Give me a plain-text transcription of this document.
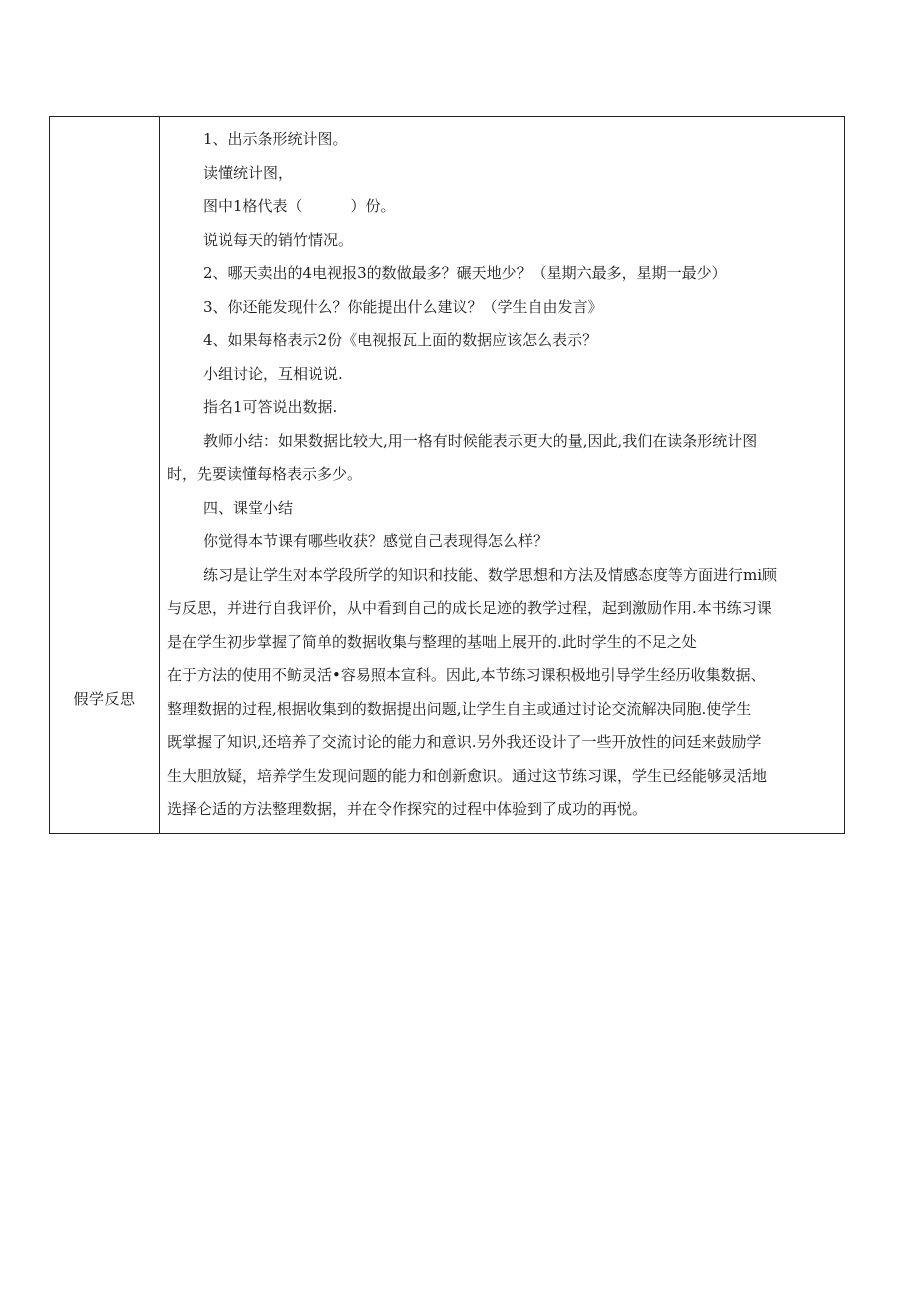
假学反思
1、出示条形统计图。
读懂统计图，
图中1格代表（	）份。
说说每天的销竹情况。
2、哪天卖出的4电视报3的数做最多？碾天地少？（星期六最多，星期一最少）
3、你还能发现什么？你能提出什么建议？（学生自由发言》
4、如果每格表示2份《电视报瓦上面的数据应该怎么表示？
小组讨论，互相说说.
指名1可答说出数据.
教师小结：如果数据比较大,用一格有时候能表示更大的量,因此,我们在读条形统计图
时，先要读懂每格表示多少。
四、课堂小结
你觉得本节课有哪些收获？感觉自己表现得怎么样？
练习是让学生对本学段所学的知识和技能、数学思想和方法及情感态度等方面进行mi顾
与反思，并进行自我评价，从中看到自己的成长足迹的教学过程，起到激励作用.本书练习课
是在学生初步掌握了简单的数据收集与整理的基咄上展开的.此时学生的不足之处
在于方法的使用不鲂灵活•容易照本宣科。因此,本节练习课积极地引导学生经历收集数据、
整理数据的过程,根据收集到的数据提出问题,让学生自主或通过讨论交流解决同胞.使学生
既掌握了知识,还培养了交流讨论的能力和意识.另外我还设计了一些开放性的问廷来鼓励学
生大胆放疑，培养学生发现问题的能力和创新愈识。通过这节练习课，学生已经能够灵活地
选择仑适的方法整理数据，并在令作探究的过程中体验到了成功的再悦。
